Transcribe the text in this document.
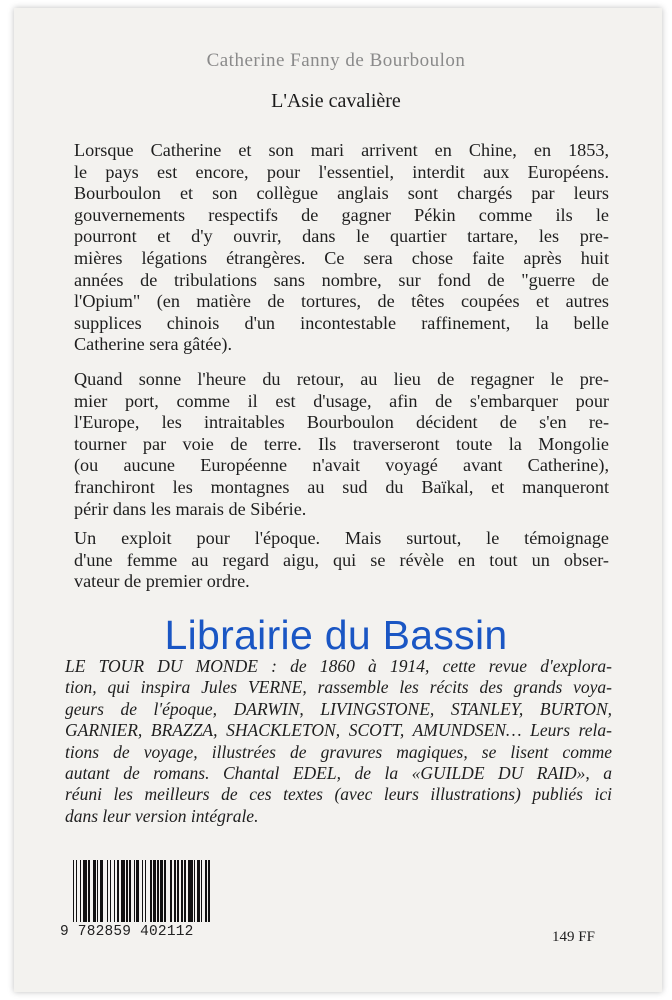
Catherine Fanny de Bourboulon
L'Asie cavalière
Lorsque Catherine et son mari arrivent en Chine, en 1853,
le pays est encore, pour l'essentiel, interdit aux Européens.
Bourboulon et son collègue anglais sont chargés par leurs
gouvernements respectifs de gagner Pékin comme ils le
pourront et d'y ouvrir, dans le quartier tartare, les pre-
mières légations étrangères. Ce sera chose faite après huit
années de tribulations sans nombre, sur fond de "guerre de
l'Opium" (en matière de tortures, de têtes coupées et autres
supplices chinois d'un incontestable raffinement, la belle
Catherine sera gâtée).
Quand sonne l'heure du retour, au lieu de regagner le pre-
mier port, comme il est d'usage, afin de s'embarquer pour
l'Europe, les intraitables Bourboulon décident de s'en re-
tourner par voie de terre. Ils traverseront toute la Mongolie
(ou aucune Européenne n'avait voyagé avant Catherine),
franchiront les montagnes au sud du Baïkal, et manqueront
périr dans les marais de Sibérie.
Un exploit pour l'époque. Mais surtout, le témoignage
d'une femme au regard aigu, qui se révèle en tout un obser-
vateur de premier ordre.
Librairie du Bassin
LE TOUR DU MONDE : de 1860 à 1914, cette revue d'explora-
tion, qui inspira Jules VERNE, rassemble les récits des grands voya-
geurs de l'époque, DARWIN, LIVINGSTONE, STANLEY, BURTON,
GARNIER, BRAZZA, SHACKLETON, SCOTT, AMUNDSEN… Leurs rela-
tions de voyage, illustrées de gravures magiques, se lisent comme
autant de romans. Chantal EDEL, de la «GUILDE DU RAID», a
réuni les meilleurs de ces textes (avec leurs illustrations) publiés ici
dans leur version intégrale.
9 782859 402112	149 FF
